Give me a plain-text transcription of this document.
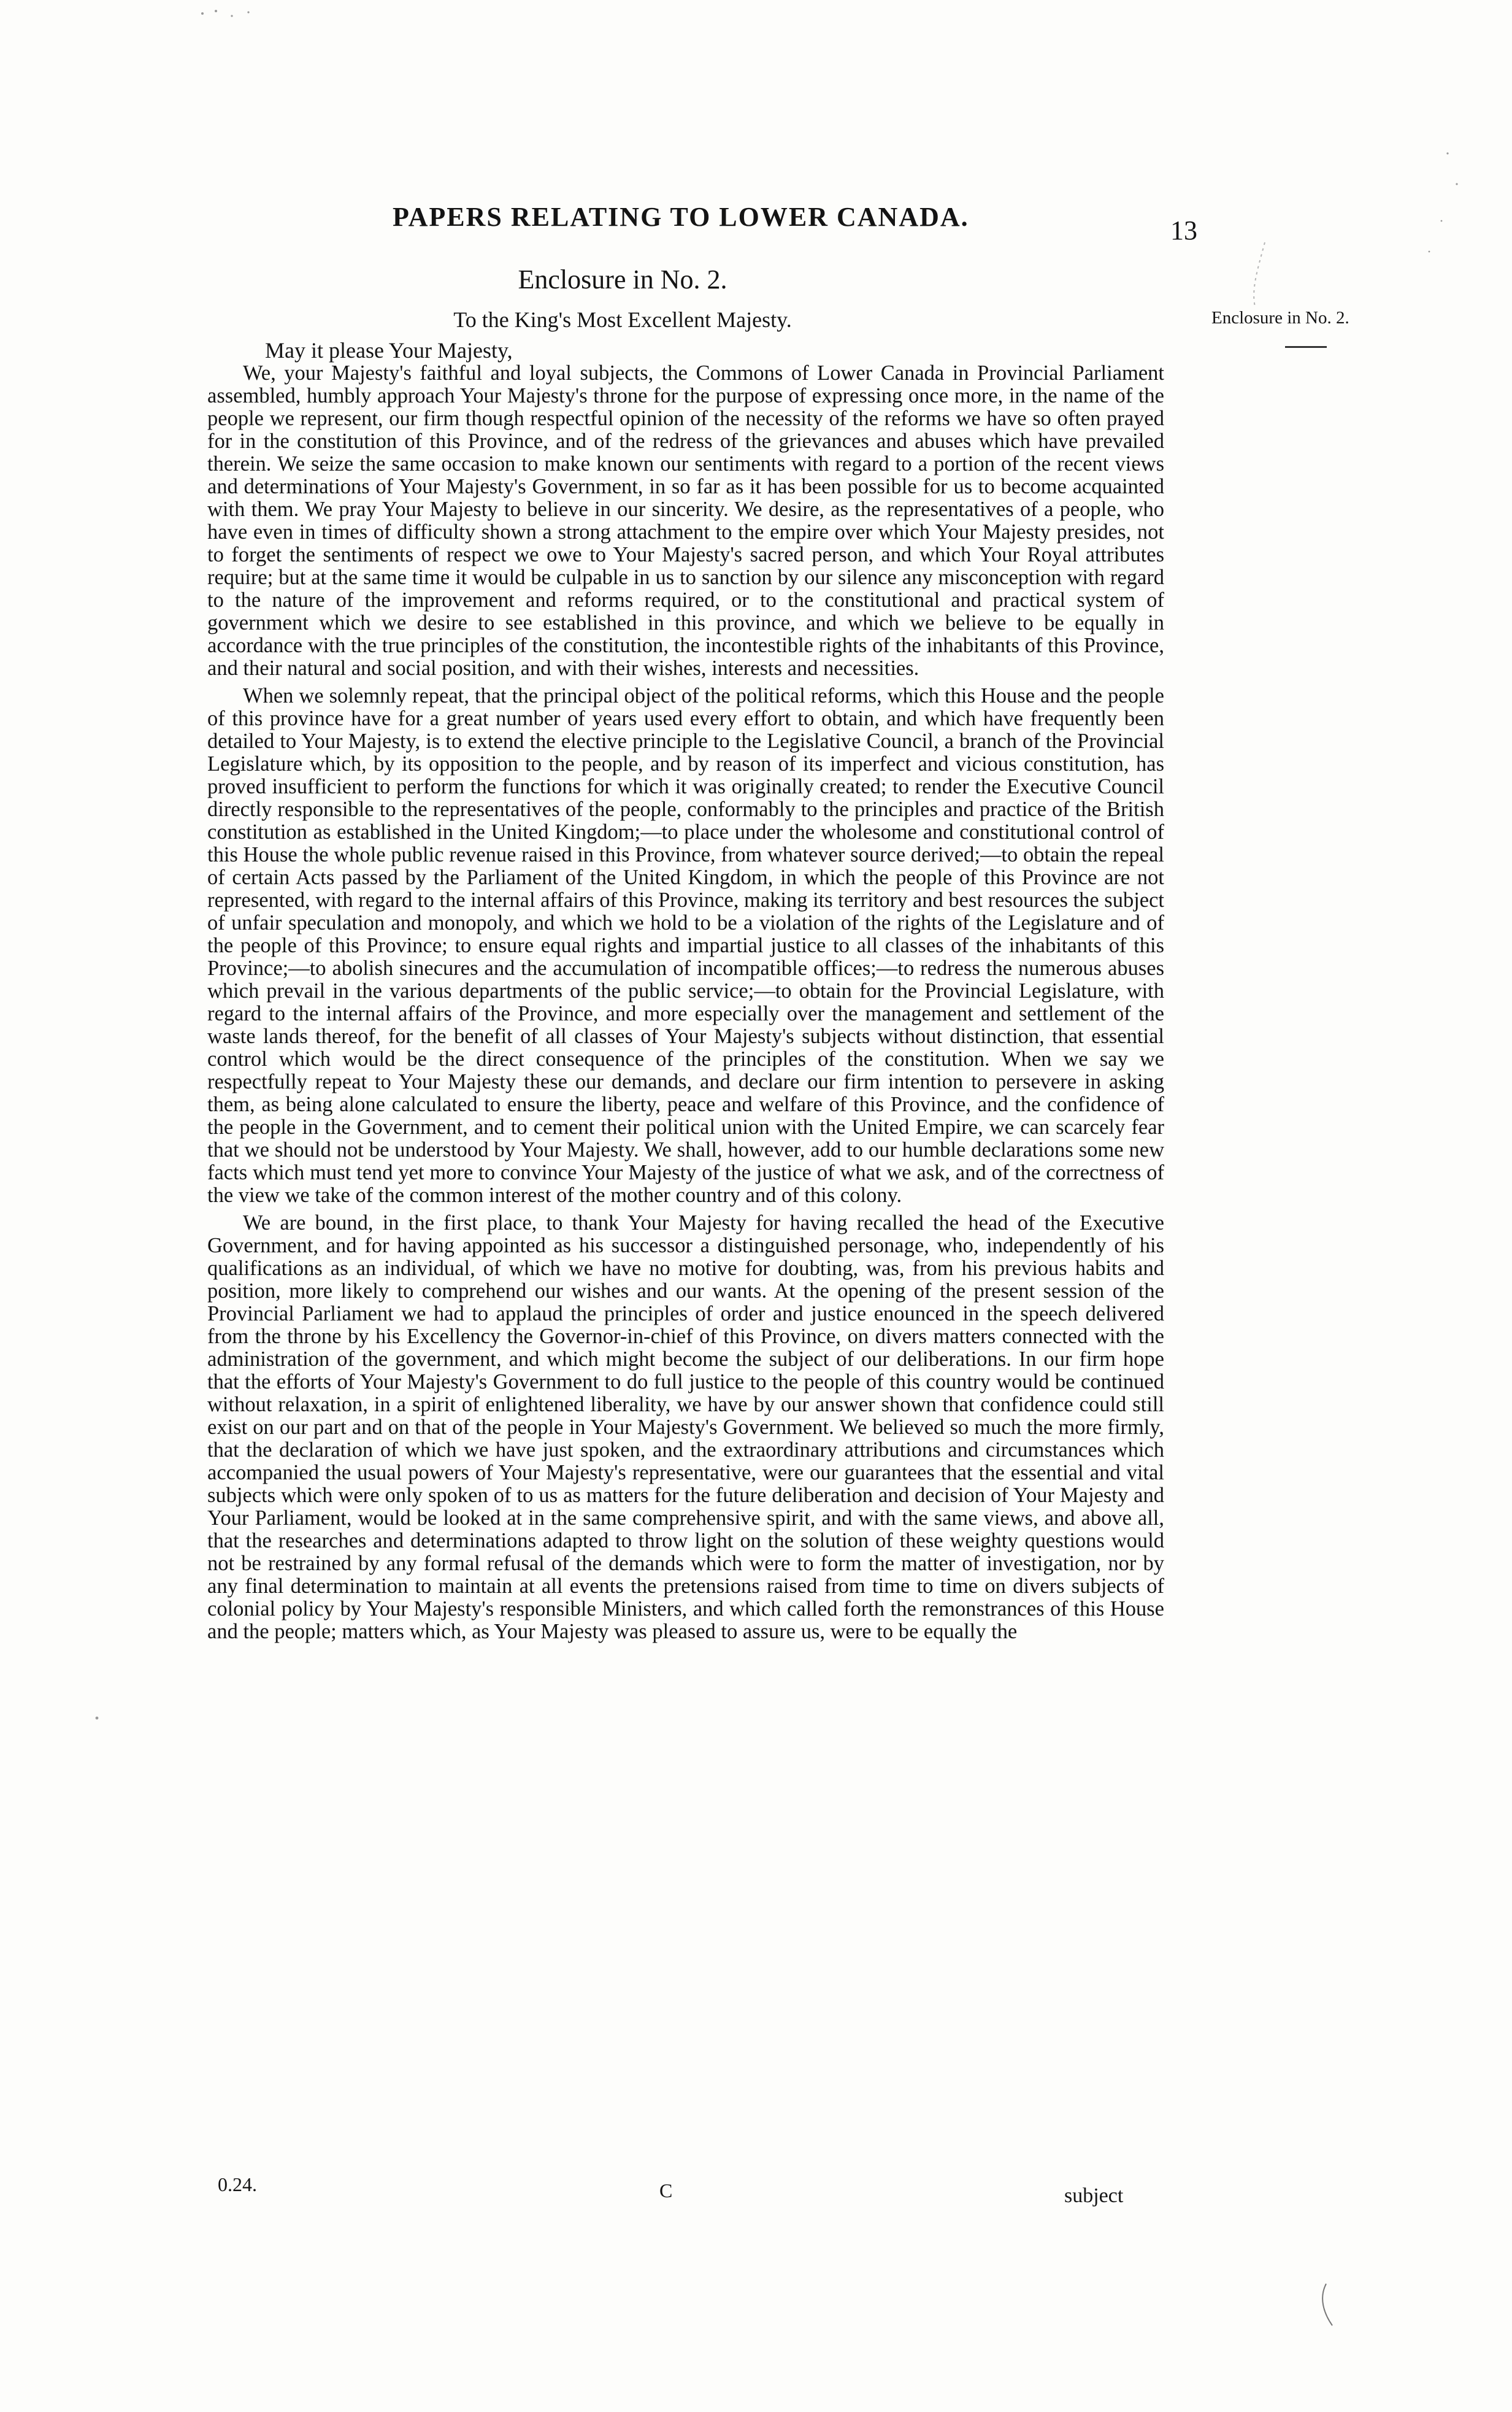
PAPERS RELATING TO LOWER CANADA.	13
Enclosure in No. 2.
To the King's Most Excellent Majesty.	Enclosure in No. 2.
May it please Your Majesty,

We, your Majesty's faithful and loyal subjects, the Commons of Lower Canada in Provincial Parliament assembled, humbly approach Your Majesty's throne for the purpose of expressing once more, in the name of the people we represent, our firm though respectful opinion of the necessity of the reforms we have so often prayed for in the constitution of this Province, and of the redress of the grievances and abuses which have prevailed therein. We seize the same occasion to make known our sentiments with regard to a portion of the recent views and determinations of Your Majesty's Government, in so far as it has been possible for us to become acquainted with them. We pray Your Majesty to believe in our sincerity. We desire, as the representatives of a people, who have even in times of difficulty shown a strong attachment to the empire over which Your Majesty presides, not to forget the sentiments of respect we owe to Your Majesty's sacred person, and which Your Royal attributes require; but at the same time it would be culpable in us to sanction by our silence any misconception with regard to the nature of the improvement and reforms required, or to the constitutional and practical system of government which we desire to see established in this province, and which we believe to be equally in accordance with the true principles of the constitution, the incontestible rights of the inhabitants of this Province, and their natural and social position, and with their wishes, interests and necessities.

When we solemnly repeat, that the principal object of the political reforms, which this House and the people of this province have for a great number of years used every effort to obtain, and which have frequently been detailed to Your Majesty, is to extend the elective principle to the Legislative Council, a branch of the Provincial Legislature which, by its opposition to the people, and by reason of its imperfect and vicious constitution, has proved insufficient to perform the functions for which it was originally created; to render the Executive Council directly responsible to the representatives of the people, conformably to the principles and practice of the British constitution as established in the United Kingdom;—to place under the wholesome and constitutional control of this House the whole public revenue raised in this Province, from whatever source derived;—to obtain the repeal of certain Acts passed by the Parliament of the United Kingdom, in which the people of this Province are not represented, with regard to the internal affairs of this Province, making its territory and best resources the subject of unfair speculation and monopoly, and which we hold to be a violation of the rights of the Legislature and of the people of this Province; to ensure equal rights and impartial justice to all classes of the inhabitants of this Province;—to abolish sinecures and the accumulation of incompatible offices;—to redress the numerous abuses which prevail in the various departments of the public service;—to obtain for the Provincial Legislature, with regard to the internal affairs of the Province, and more especially over the management and settlement of the waste lands thereof, for the benefit of all classes of Your Majesty's subjects without distinction, that essential control which would be the direct consequence of the principles of the constitution. When we say we respectfully repeat to Your Majesty these our demands, and declare our firm intention to persevere in asking them, as being alone calculated to ensure the liberty, peace and welfare of this Province, and the confidence of the people in the Government, and to cement their political union with the United Empire, we can scarcely fear that we should not be understood by Your Majesty. We shall, however, add to our humble declarations some new facts which must tend yet more to convince Your Majesty of the justice of what we ask, and of the correctness of the view we take of the common interest of the mother country and of this colony.

We are bound, in the first place, to thank Your Majesty for having recalled the head of the Executive Government, and for having appointed as his successor a distinguished personage, who, independently of his qualifications as an individual, of which we have no motive for doubting, was, from his previous habits and position, more likely to comprehend our wishes and our wants. At the opening of the present session of the Provincial Parliament we had to applaud the principles of order and justice enounced in the speech delivered from the throne by his Excellency the Governor-in-chief of this Province, on divers matters connected with the administration of the government, and which might become the subject of our deliberations. In our firm hope that the efforts of Your Majesty's Government to do full justice to the people of this country would be continued without relaxation, in a spirit of enlightened liberality, we have by our answer shown that confidence could still exist on our part and on that of the people in Your Majesty's Government. We believed so much the more firmly, that the declaration of which we have just spoken, and the extraordinary attributions and circumstances which accompanied the usual powers of Your Majesty's representative, were our guarantees that the essential and vital subjects which were only spoken of to us as matters for the future deliberation and decision of Your Majesty and Your Parliament, would be looked at in the same comprehensive spirit, and with the same views, and above all, that the researches and determinations adapted to throw light on the solution of these weighty questions would not be restrained by any formal refusal of the demands which were to form the matter of investigation, nor by any final determination to maintain at all events the pretensions raised from time to time on divers subjects of colonial policy by Your Majesty's responsible Ministers, and which called forth the remonstrances of this House and the people; matters which, as Your Majesty was pleased to assure us, were to be equally the

0.24.	C	subject
